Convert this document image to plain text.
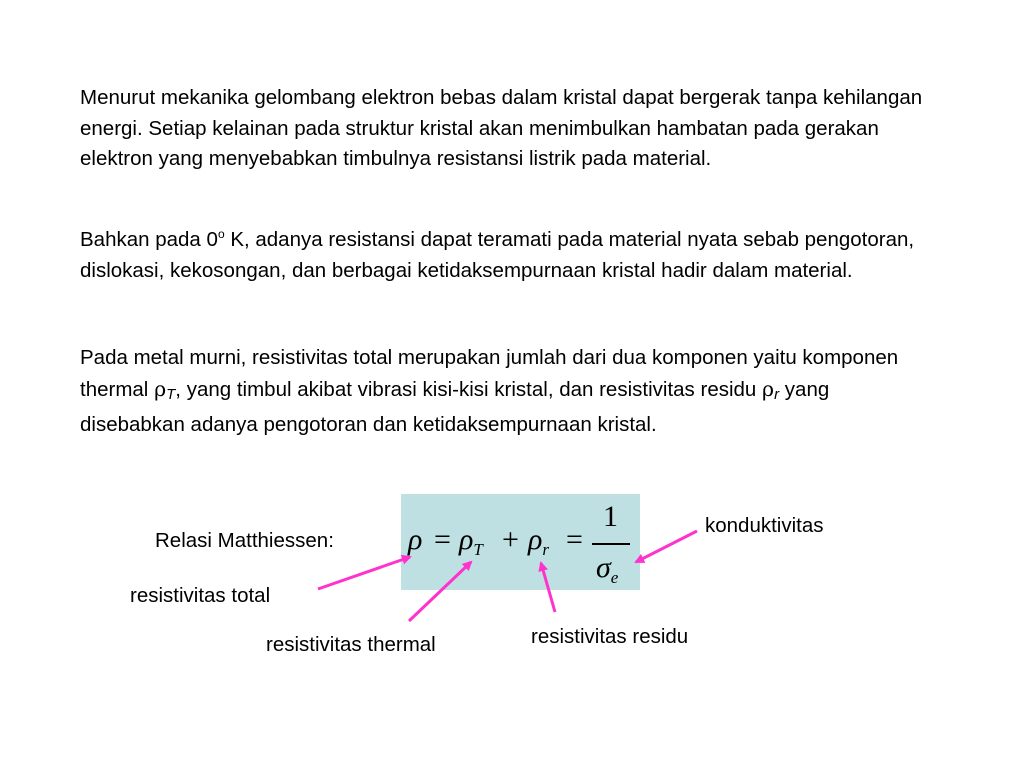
Menurut mekanika gelombang elektron bebas dalam kristal dapat bergerak tanpa kehilangan energi. Setiap kelainan pada struktur kristal akan menimbulkan hambatan pada gerakan elektron yang menyebabkan timbulnya resistansi listrik pada material.

Bahkan pada 0$^o$ K, adanya resistansi dapat teramati pada material nyata sebab pengotoran, dislokasi, kekosongan, dan berbagai ketidaksempurnaan kristal hadir dalam material.

Pada metal murni, resistivitas total merupakan jumlah dari dua komponen yaitu komponen thermal $\rho_T$, yang timbul akibat vibrasi kisi-kisi kristal, dan resistivitas residu $\rho_r$ yang disebabkan adanya pengotoran dan ketidaksempurnaan kristal.

Relasi Matthiessen: $\rho = \rho_T + \rho_r$ =
1
$\sigma_e$
konduktivitas
resistivitas total
resistivitas thermal	resistivitas residu
